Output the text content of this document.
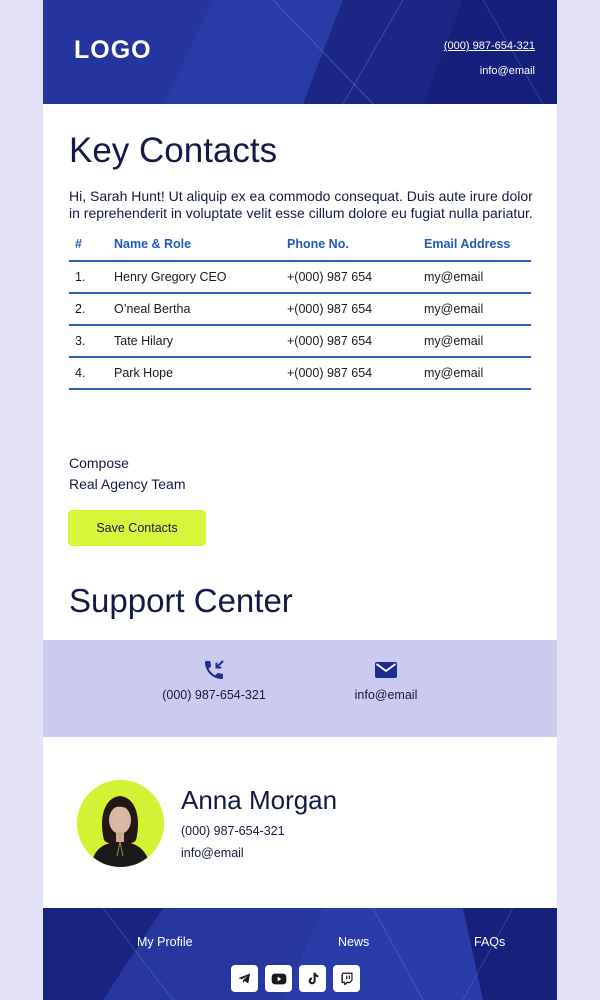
LOGO	(000) 987-654-321
info@email
Key Contacts
Hi, Sarah Hunt! Ut aliquip ex ea commodo consequat. Duis aute irure dolor in reprehenderit in voluptate velit esse cillum dolore eu fugiat nulla pariatur.
#	Name & Role	Phone No.	Email Address
1.	Henry Gregory CEO	+(000) 987 654	my@email
2.	O’neal Bertha	+(000) 987 654	my@email
3.	Tate Hilary	+(000) 987 654	my@email
4.	Park Hope	+(000) 987 654	my@email
Compose
Real Agency Team
Save Contacts
Support Center
(000) 987-654-321	info@email
Anna Morgan
(000) 987-654-321
info@email
My Profile	News	FAQs
